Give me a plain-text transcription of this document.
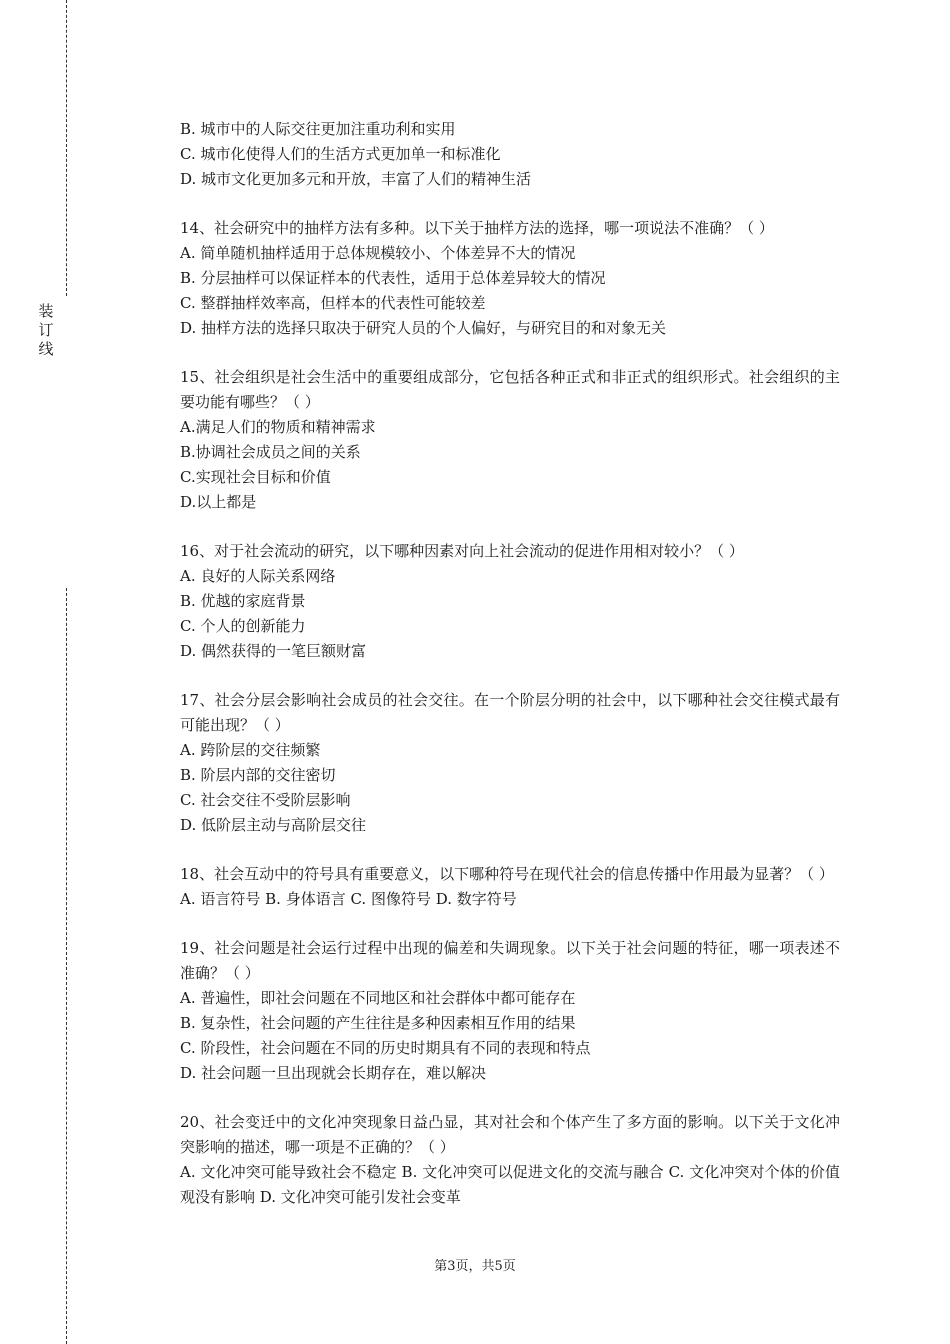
装
订
线

B. 城市中的人际交往更加注重功利和实用

C. 城市化使得人们的生活方式更加单一和标准化

D. 城市文化更加多元和开放，丰富了人们的精神生活

14、社会研究中的抽样方法有多种。以下关于抽样方法的选择，哪一项说法不准确？（ ）

A. 简单随机抽样适用于总体规模较小、个体差异不大的情况

B. 分层抽样可以保证样本的代表性，适用于总体差异较大的情况

C. 整群抽样效率高，但样本的代表性可能较差

D. 抽样方法的选择只取决于研究人员的个人偏好，与研究目的和对象无关

15、社会组织是社会生活中的重要组成部分，它包括各种正式和非正式的组织形式。社会组织的主要功能有哪些？（ ）

A.满足人们的物质和精神需求

B.协调社会成员之间的关系

C.实现社会目标和价值

D.以上都是

16、对于社会流动的研究，以下哪种因素对向上社会流动的促进作用相对较小？（ ）

A. 良好的人际关系网络

B. 优越的家庭背景

C. 个人的创新能力

D. 偶然获得的一笔巨额财富

17、社会分层会影响社会成员的社会交往。在一个阶层分明的社会中，以下哪种社会交往模式最有可能出现？（ ）

A. 跨阶层的交往频繁

B. 阶层内部的交往密切

C. 社会交往不受阶层影响

D. 低阶层主动与高阶层交往

18、社会互动中的符号具有重要意义，以下哪种符号在现代社会的信息传播中作用最为显著？（ ）

A. 语言符号 B. 身体语言 C. 图像符号 D. 数字符号

19、社会问题是社会运行过程中出现的偏差和失调现象。以下关于社会问题的特征，哪一项表述不准确？（ ）

A. 普遍性，即社会问题在不同地区和社会群体中都可能存在

B. 复杂性，社会问题的产生往往是多种因素相互作用的结果

C. 阶段性，社会问题在不同的历史时期具有不同的表现和特点

D. 社会问题一旦出现就会长期存在，难以解决

20、社会变迁中的文化冲突现象日益凸显，其对社会和个体产生了多方面的影响。以下关于文化冲突影响的描述，哪一项是不正确的？（ ）

A. 文化冲突可能导致社会不稳定 B. 文化冲突可以促进文化的交流与融合 C. 文化冲突对个体的价值观没有影响 D. 文化冲突可能引发社会变革

第3页，共5页
